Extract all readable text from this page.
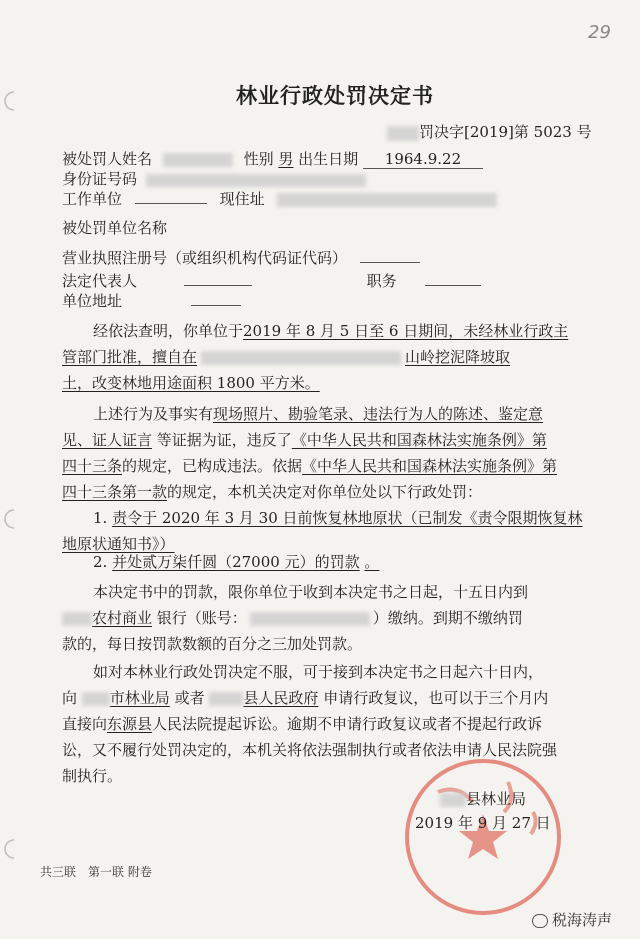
29
林业行政处罚决定书
罚决字[2019]第 5023 号
被处罚人姓名	性别 男 出生日期 1964.9.22
身份证号码
工作单位	现住址
被处罚单位名称
营业执照注册号（或组织机构代码证代码）
法定代表人	职务
单位地址
经依法查明，你单位于2019 年 8 月 5 日至 6 日期间，未经林业行政主
管部门批准，擅自在	山岭挖泥降坡取
土，改变林地用途面积 1800 平方米。
上述行为及事实有现场照片、勘验笔录、违法行为人的陈述、鉴定意
见、证人证言 等证据为证，违反了《中华人民共和国森林法实施条例》第
四十三条的规定，已构成违法。依据《中华人民共和国森林法实施条例》第
四十三条第一款的规定，本机关决定对你单位处以下行政处罚：
1. 责令于 2020 年 3 月 30 日前恢复林地原状（已制发《责令限期恢复林
地原状通知书》）
2. 并处贰万柒仟圆（27000 元）的罚款 。
本决定书中的罚款，限你单位于收到本决定书之日起，十五日内到
农村商业 银行（账号：	）缴纳。到期不缴纳罚
款的，每日按罚款数额的百分之三加处罚款。
如对本林业行政处罚决定不服，可于接到本决定书之日起六十日内，
向 市林业局 或者	县人民政府 申请行政复议，也可以于三个月内
直接向东源县人民法院提起诉讼。逾期不申请行政复议或者不提起行政诉
讼，又不履行处罚决定的，本机关将依法强制执行或者依法申请人民法院强
制执行。
县林业局
2019 年 9 月 27 日
共三联　第一联 附卷
税海涛声
